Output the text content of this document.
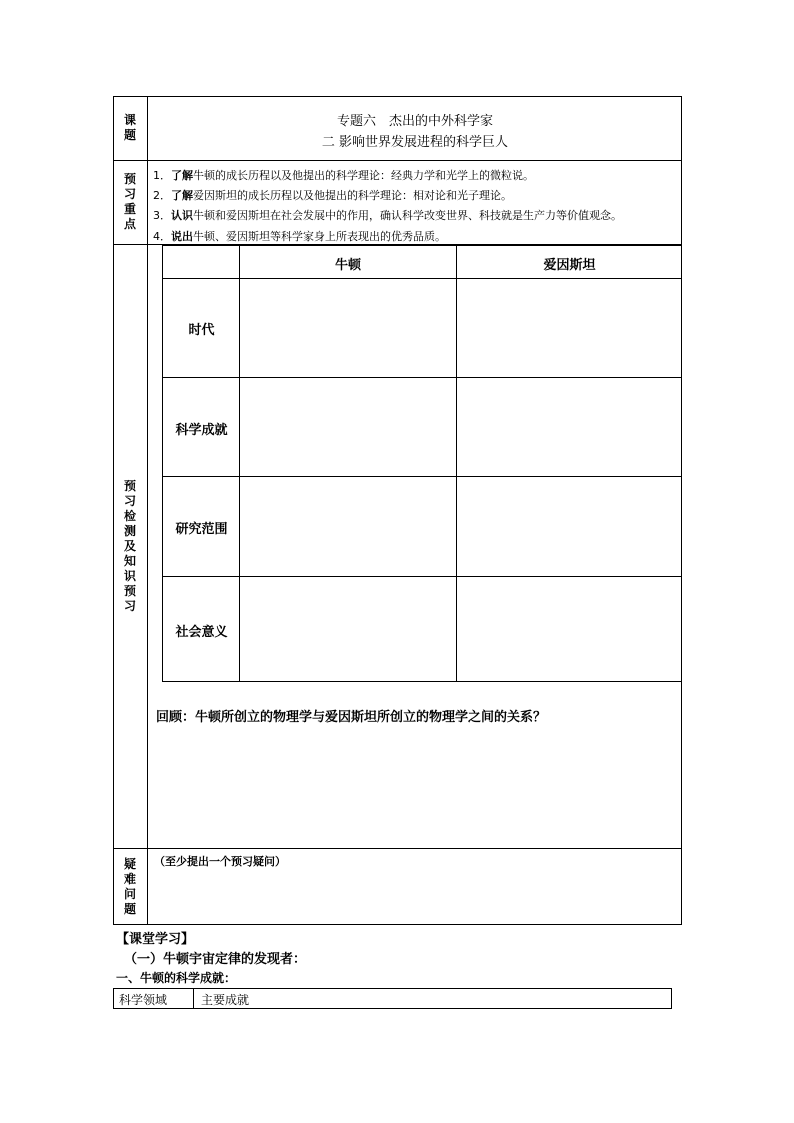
课
题
预
习
重
点
预
习
检
测
及
知
识
预
习
疑
难
问
题
专题六　杰出的中外科学家
二 影响世界发展进程的科学巨人
1．了解牛顿的成长历程以及他提出的科学理论：经典力学和光学上的微粒说。
2．了解爱因斯坦的成长历程以及他提出的科学理论：相对论和光子理论。
3．认识牛顿和爱因斯坦在社会发展中的作用，确认科学改变世界、科技就是生产力等价值观念。
4．说出牛顿、爱因斯坦等科学家身上所表现出的优秀品质。
牛顿	爱因斯坦
时代
科学成就
研究范围
社会意义
回顾：牛顿所创立的物理学与爱因斯坦所创立的物理学之间的关系？
（至少提出一个预习疑问）
【课堂学习】
（一）牛顿宇宙定律的发现者：
一、牛顿的科学成就：
科学领域	主要成就
